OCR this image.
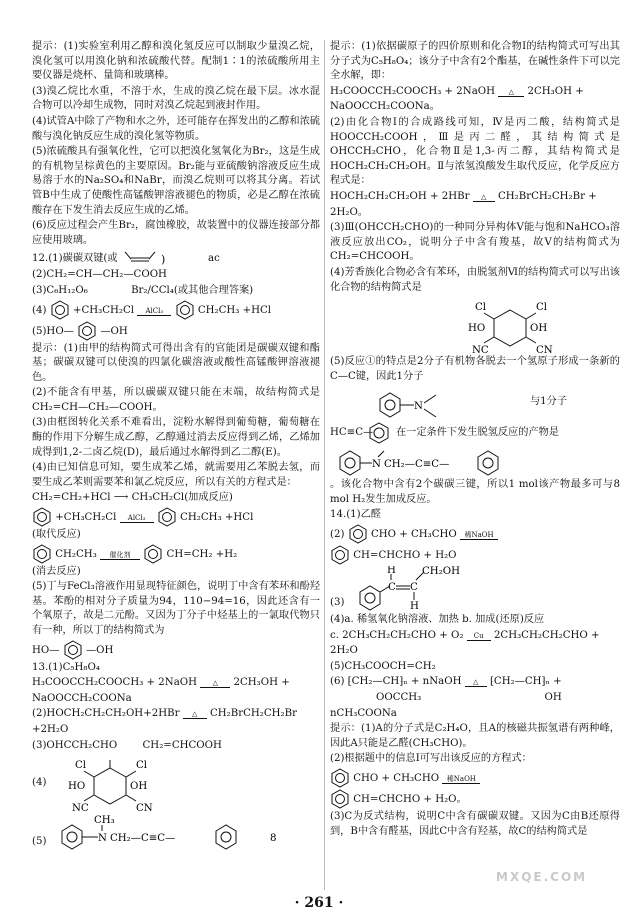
提示：(1)实验室利用乙醇和溴化氢反应可以制取少量溴乙烷，溴化氢可以用溴化钠和浓硫酸代替。配制1∶1的浓硫酸所用主要仪器是烧杯、量筒和玻璃棒。

(3)溴乙烷比水重，不溶于水，生成的溴乙烷在最下层。冰水混合物可以冷却生成物，同时对溴乙烷起到液封作用。

(4)试管A中除了产物和水之外，还可能存在挥发出的乙醇和浓硫酸与溴化钠反应生成的溴化氢等物质。

(5)浓硫酸具有强氧化性，它可以把溴化氢氧化为Br₂，这是生成的有机物呈棕黄色的主要原因。Br₂能与亚硫酸钠溶液反应生成易溶于水的Na₂SO₄和NaBr，而溴乙烷则可以将其分离。若试管B中生成了使酸性高锰酸钾溶液褪色的物质，必是乙醇在浓硫酸存在下发生消去反应生成的乙烯。

(6)反应过程会产生Br₂，腐蚀橡胶，故装置中的仪器连接部分都应使用玻璃。

12.(1)碳碳双键(或	)	ac
(2)CH₂=CH—CH₂—COOH
(3)C₆H₁₂O₆	Br₂/CCl₄(或其他合理答案)
(4)	+CH₃CH₂Cl AlCl₃	CH₂CH₃ +HCl
(5)HO—	—OH

提示：(1)由甲的结构简式可得出含有的官能团是碳碳双键和酯基；碳碳双键可以使溴的四氯化碳溶液或酸性高锰酸钾溶液褪色。

(2)不能含有甲基，所以碳碳双键只能在末端，故结构简式是CH₂=CH—CH₂—COOH。

(3)由框图转化关系不难看出，淀粉水解得到葡萄糖，葡萄糖在酶的作用下分解生成乙醇，乙醇通过消去反应得到乙烯，乙烯加成得到1,2-二卤乙烷(D)，最后通过水解得到乙二醇(E)。

(4)由已知信息可知，要生成苯乙烯，就需要用乙苯脱去氢，而要生成乙苯则需要苯和氯乙烷反应，所以有关的方程式是：

CH₂=CH₂+HCl ⟶ CH₃CH₂Cl(加成反应)
+CH₃CH₂Cl AlCl₃	CH₂CH₃ +HCl
(取代反应)
CH₂CH₃ 催化剂	CH=CH₂ +H₂
(消去反应)

(5)丁与FeCl₃溶液作用显现特征颜色，说明丁中含有苯环和酚羟基。苯酚的相对分子质量为94，110−94=16，因此还含有一个氧原子，故是二元酚。又因为丁分子中烃基上的一氯取代物只有一种，所以丁的结构简式为

HO—	—OH
13.(1)C₅H₈O₄
H₃COOCCH₂COOCH₃ + 2NaOH △ 2CH₃OH +
NaOOCCH₂COONa
(2)HOCH₂CH₂CH₂OH+2HBr △ CH₂BrCH₂CH₂Br
+2H₂O
(3)OHCCH₂CHO CH₂=CHCOOH
(4)
Cl	Cl
HO	OH
NC	CN
(5)	N
CH₃
CH₂—C≡C—	8

提示：(1)依据碳原子的四价原则和化合物Ⅰ的结构简式可写出其分子式为C₅H₈O₄；该分子中含有2个酯基，在碱性条件下可以完全水解，即：

H₃COOCCH₂COOCH₃ + 2NaOH △ 2CH₃OH +
NaOOCCH₂COONa。

(2)由化合物Ⅰ的合成路线可知，Ⅳ是丙二酸，结构简式是HOOCCH₂COOH，Ⅲ是丙二醛，其结构简式是OHCCH₂CHO，化合物Ⅱ是1,3-丙二醇，其结构简式是HOCH₂CH₂CH₂OH。Ⅱ与浓氢溴酸发生取代反应，化学反应方程式是：

HOCH₂CH₂CH₂OH + 2HBr △ CH₂BrCH₂CH₂Br +
2H₂O。

(3)Ⅲ(OHCCH₂CHO)的一种同分异构体Ⅴ能与饱和NaHCO₃溶液反应放出CO₂，说明分子中含有羧基，故Ⅴ的结构简式为CH₂=CHCOOH。

(4)芳香族化合物必含有苯环，由脱氢剂Ⅵ的结构简式可以写出该化合物的结构简式是

Cl	Cl
HO	OH
NC	CN

(5)反应①的特点是2分子有机物各脱去一个氢原子形成一条新的C—C键，因此1分子

N	与1分子
HC≡C— 在一定条件下发生脱氢反应的产物是
N CH₂—C≡C—

。该化合物中含有2个碳碳三键，所以1 mol该产物最多可与8 mol H₂发生加成反应。

14.(1)乙醛
(2)	CHO + CH₃CHO 稀NaOH
CH=CHCHO + H₂O
(3)
C C
H	CH₂OH
H
(4)a. 稀氢氧化钠溶液、加热 b. 加成(还原)反应
c. 2CH₃CH₂CH₂CHO + O₂ Cu 2CH₃CH₂CH₂CHO +
2H₂O
(5)CH₃COOCH=CH₂
(6) ⁅CH₂—CH⁆ₙ + nNaOH △ ⁅CH₂—CH⁆ₙ +
OOCCH₃	OH
nCH₃COONa

提示：(1)A的分子式是C₂H₄O，且A的核磁共振氢谱有两种峰，因此A只能是乙醛(CH₃CHO)。

(2)根据题中的信息Ⅰ可写出该反应的方程式：

CHO + CH₃CHO 稀NaOH
CH=CHCHO + H₂O。

(3)C为反式结构，说明C中含有碳碳双键。又因为C由B还原得到，B中含有醛基，因此C中含有羟基，故C的结构简式是

· 261 ·
MXQE.COM
